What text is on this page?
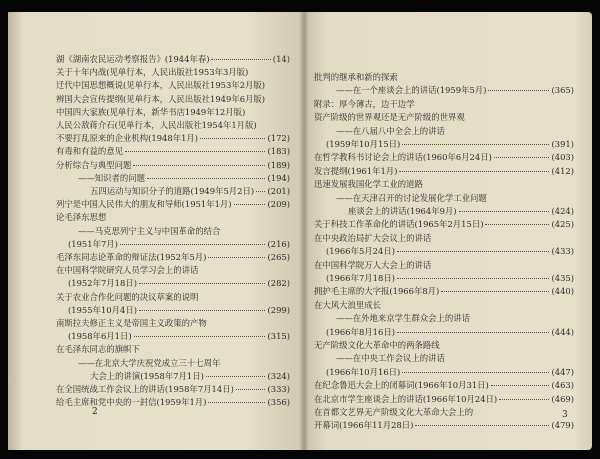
湖《湖南农民运动考察报告》(1944年春)	(14)
关于十年内战(见单行本，人民出版社1953年3月版)
迁代中国思想概说(见单行本，人民出版社1953年2月版)
辨国大会宣传提纲(见单行本，人民出版社1949年6月版)
中国四大家族(见单行本，新华书店1949年12月版)
人民公敌蒋介石(见单行本，人民出版社1954年1月版)
不要打乱原来的企业机构(1948年1月)	(172)
有毒和有益的意见	(183)
分析综合与典型问题	(189)
——知识者的问题	(194)
五四运动与知识分子的道路(1949年5月2日) (201)
列宁是中国人民伟大的朋友和导师(1951年1月)	(209)
论毛泽东思想
——马克思列宁主义与中国革命的结合
(1951年7月)	(216)
毛泽东同志论革命的辩证法(1952年5月)	(265)
在中国科学院研究人员学习会上的讲话
(1952年7月18日)	(282)
关于农业合作化问题的决议草案的说明
(1955年10月4日)	(299)
南斯拉夫修正主义是帝国主义政策的产物
(1958年6月1日)	(315)
在毛泽东同志的旗帜下
——在北京大学庆祝党成立三十七周年
大会上的讲演(1958年7月1日)	(324)
在全国统战工作会议上的讲话(1958年7月14日)	(333)
给毛主席和党中央的一封信(1959年1月)	(356)
2
批判的继承和新的探索
——在一个座谈会上的讲话(1959年5月)	(365)
附录：厚今薄古，边干边学
资产阶级的世界观还是无产阶级的世界观
——在八届八中全会上的讲话
(1959年10月15日)	(391)
在哲学教科书讨论会上的讲话(1960年6月24日)	(403)
发言提纲(1961年1月)	(412)
迅速发展我国化学工业的道路
——在天津召开的讨论发展化学工业问题
座谈会上的讲话(1964年9月)	(424)
关于科技工作革命化的讲话(1965年2月15日)	(425)
在中央政治局扩大会议上的讲话
(1966年5月24日)	(433)
在中国科学院万人大会上的讲话
(1966年7月18日)	(435)
拥护毛主席的大字报(1966年8月)	(440)
在大风大浪里成长
——在外地来京学生群众会上的讲话
(1966年8月16日)	(444)
无产阶级文化大革命中的两条路线
——在中央工作会议上的讲话
(1966年10月16日)	(447)
在纪念鲁迅大会上的闭幕词(1966年10月31日)	(463)
在北京市学生座谈会上的讲话(1966年10月24日)	(469)
在首都文艺界无产阶级文化大革命大会上的
开幕词(1966年11月28日)	(479)
3
